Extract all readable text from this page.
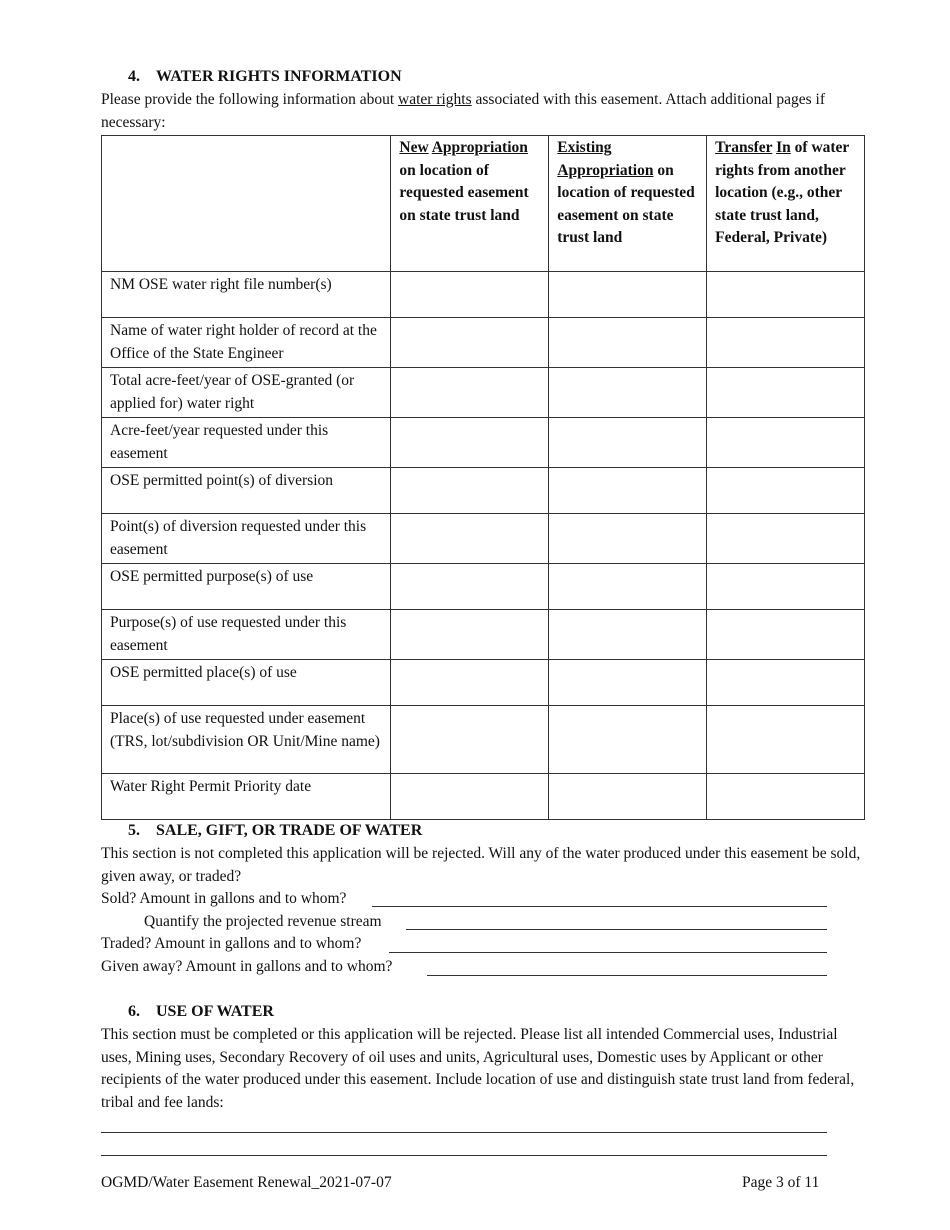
4. WATER RIGHTS INFORMATION
Please provide the following information about water rights associated with this easement. Attach additional pages if necessary:
	New Appropriation on location of requested easement on state trust land	Existing Appropriation on location of requested easement on state trust land	Transfer In of water rights from another location (e.g., other state trust land, Federal, Private)
NM OSE water right file number(s)			
Name of water right holder of record at the Office of the State Engineer			
Total acre-feet/year of OSE-granted (or applied for) water right			
Acre-feet/year requested under this easement			
OSE permitted point(s) of diversion			
Point(s) of diversion requested under this easement			
OSE permitted purpose(s) of use			
Purpose(s) of use requested under this easement			
OSE permitted place(s) of use			
Place(s) of use requested under easement (TRS, lot/subdivision OR Unit/Mine name)			
Water Right Permit Priority date			
5. SALE, GIFT, OR TRADE OF WATER
This section is not completed this application will be rejected. Will any of the water produced under this easement be sold, given away, or traded?
Sold? Amount in gallons and to whom?
Quantify the projected revenue stream
Traded? Amount in gallons and to whom?
Given away? Amount in gallons and to whom?
6. USE OF WATER
This section must be completed or this application will be rejected. Please list all intended Commercial uses, Industrial uses, Mining uses, Secondary Recovery of oil uses and units, Agricultural uses, Domestic uses by Applicant or other recipients of the water produced under this easement. Include location of use and distinguish state trust land from federal, tribal and fee lands:
OGMD/Water Easement Renewal_2021-07-07	Page 3 of 11
